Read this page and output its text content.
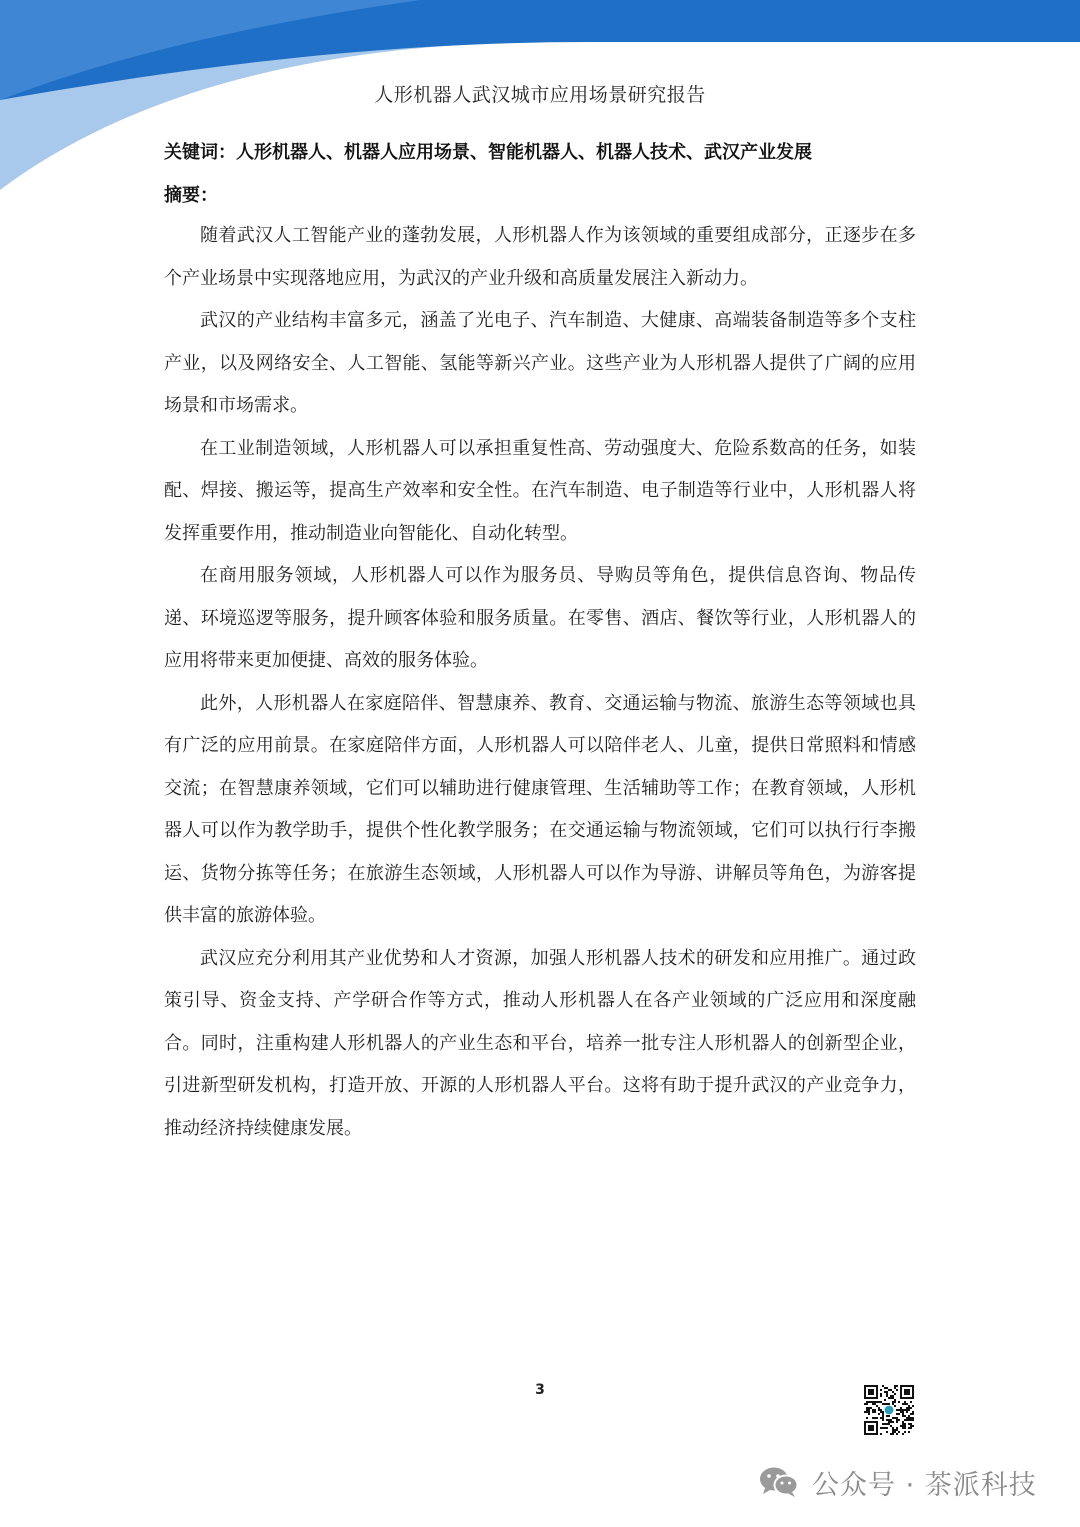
人形机器人武汉城市应用场景研究报告
关键词：人形机器人、机器人应用场景、智能机器人、机器人技术、武汉产业发展
摘要：

随着武汉人工智能产业的蓬勃发展，人形机器人作为该领域的重要组成部分，正逐步在多个产业场景中实现落地应用，为武汉的产业升级和高质量发展注入新动力。

武汉的产业结构丰富多元，涵盖了光电子、汽车制造、大健康、高端装备制造等多个支柱产业，以及网络安全、人工智能、氢能等新兴产业。这些产业为人形机器人提供了广阔的应用场景和市场需求。

在工业制造领域，人形机器人可以承担重复性高、劳动强度大、危险系数高的任务，如装配、焊接、搬运等，提高生产效率和安全性。在汽车制造、电子制造等行业中，人形机器人将发挥重要作用，推动制造业向智能化、自动化转型。

在商用服务领域，人形机器人可以作为服务员、导购员等角色，提供信息咨询、物品传递、环境巡逻等服务，提升顾客体验和服务质量。在零售、酒店、餐饮等行业，人形机器人的应用将带来更加便捷、高效的服务体验。

此外，人形机器人在家庭陪伴、智慧康养、教育、交通运输与物流、旅游生态等领域也具有广泛的应用前景。在家庭陪伴方面，人形机器人可以陪伴老人、儿童，提供日常照料和情感交流；在智慧康养领域，它们可以辅助进行健康管理、生活辅助等工作；在教育领域，人形机器人可以作为教学助手，提供个性化教学服务；在交通运输与物流领域，它们可以执行行李搬运、货物分拣等任务；在旅游生态领域，人形机器人可以作为导游、讲解员等角色，为游客提供丰富的旅游体验。

武汉应充分利用其产业优势和人才资源，加强人形机器人技术的研发和应用推广。通过政策引导、资金支持、产学研合作等方式，推动人形机器人在各产业领域的广泛应用和深度融合。同时，注重构建人形机器人的产业生态和平台，培养一批专注人形机器人的创新型企业，引进新型研发机构，打造开放、开源的人形机器人平台。这将有助于提升武汉的产业竞争力，推动经济持续健康发展。

3
公众号 · 茶派科技
